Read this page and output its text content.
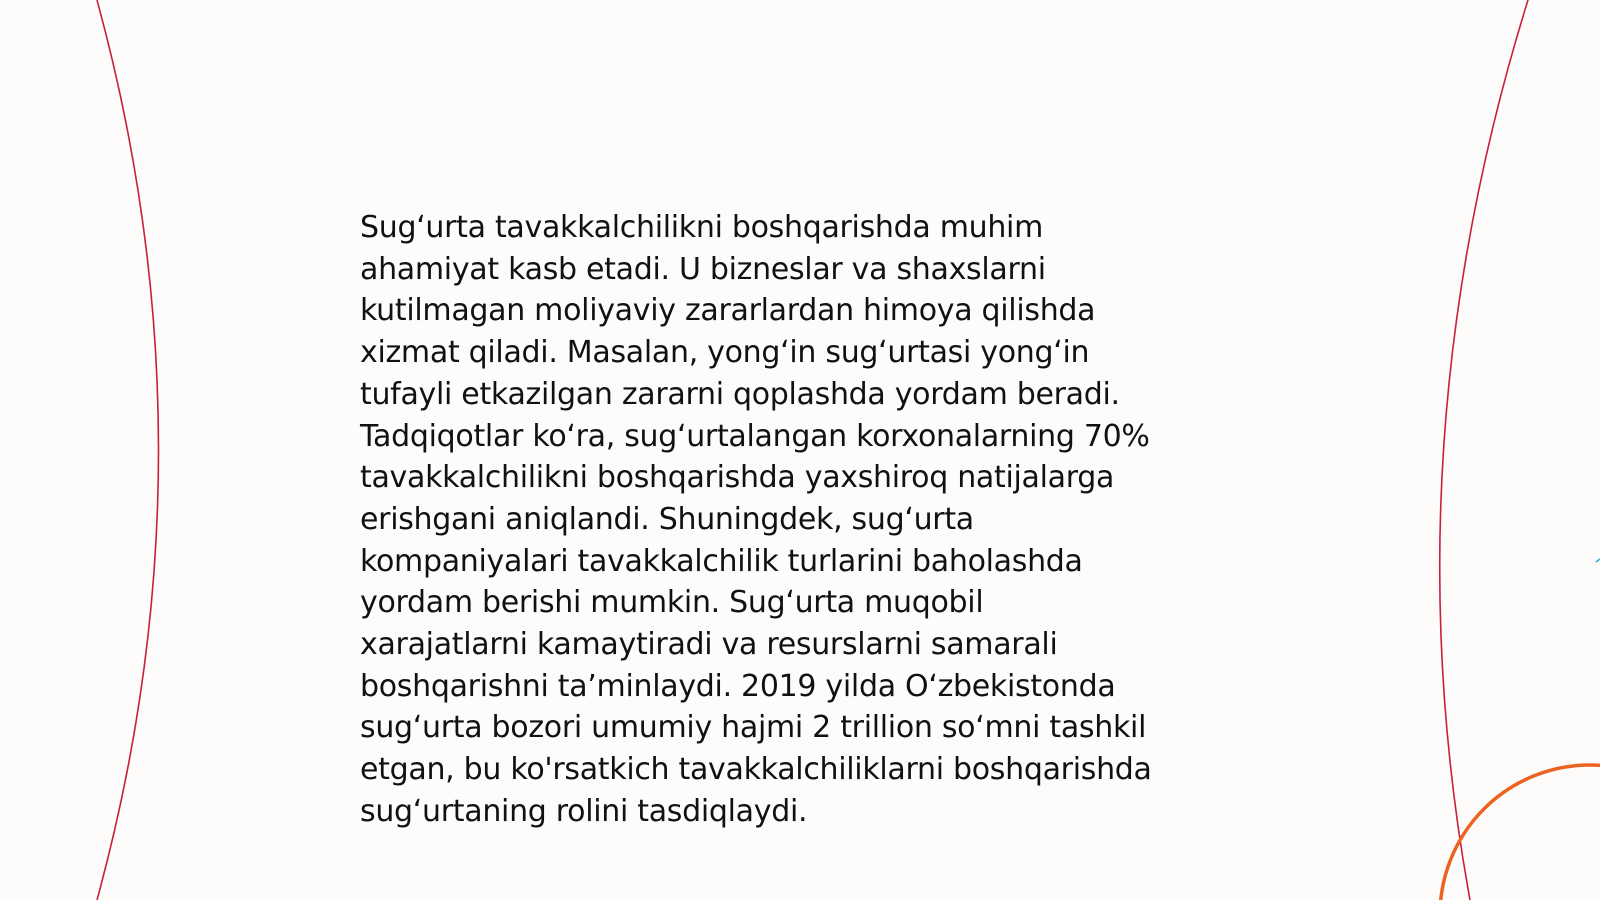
Sug‘urta tavakkalchilikni boshqarishda muhim
ahamiyat kasb etadi. U bizneslar va shaxslarni
kutilmagan moliyaviy zararlardan himoya qilishda
xizmat qiladi. Masalan, yong‘in sug‘urtasi yong‘in
tufayli etkazilgan zararni qoplashda yordam beradi.
Tadqiqotlar ko‘ra, sug‘urtalangan korxonalarning 70%
tavakkalchilikni boshqarishda yaxshiroq natijalarga
erishgani aniqlandi. Shuningdek, sug‘urta
kompaniyalari tavakkalchilik turlarini baholashda
yordam berishi mumkin. Sug‘urta muqobil
xarajatlarni kamaytiradi va resurslarni samarali
boshqarishni ta’minlaydi. 2019 yilda O‘zbekistonda
sug‘urta bozori umumiy hajmi 2 trillion so‘mni tashkil
etgan, bu ko'rsatkich tavakkalchiliklarni boshqarishda
sug‘urtaning rolini tasdiqlaydi.
